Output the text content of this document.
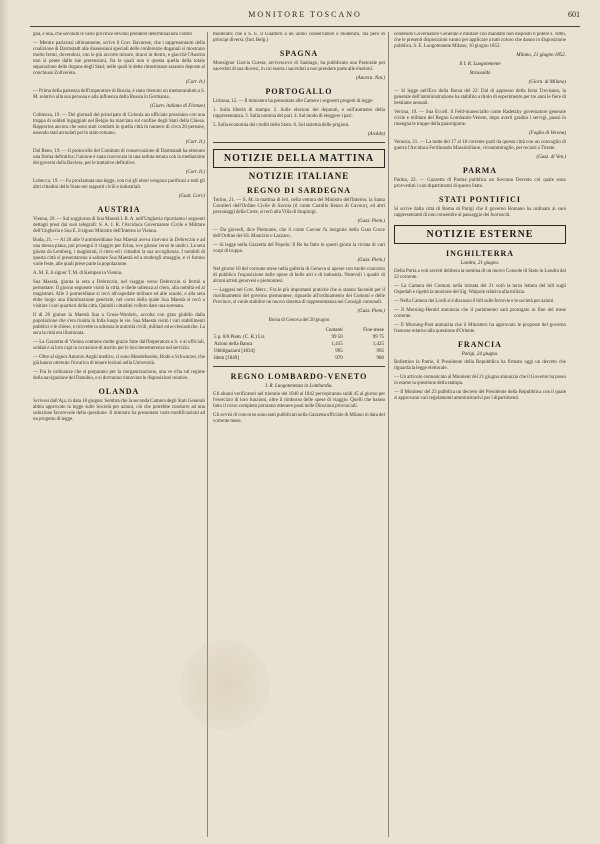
MONITORE TOSCANO	601

gna, è una, che secondo le varie province devono prendere determinazioni contro

— Mentre parlavasi ultimamente, scrive il Corr. Bavarese, che i rappresentanti della coalizione di Darmstadt alle dissensioni speciali delle conferenze doganali si mostrano molto fermi, dovendosi, con le più accorte misure, tirarsi in dietro, e giacchè l'Austria non si pente dalle sue pretensioni, fra le quali non è questa quella della totale separazione delle dogane degli Stati; nelle quali le dette rimostranze saranno deposte al conchiuso Zollverein.

(Corr. It.)

— Prima della partenza dell'imperatore di Russia, è stato ritenuto un memorandum a S. M. relativo alla sua persona e alla influenza della Russia in Germania.

(Giorn. italiano di Firenze)

Coblenza, 19. — Dei giornali del principato di Colonia un ufficiale prussiano con una truppa di soldati ingaggiati nel Belgio ha marciato sul confine degli Stati della Chiesa. Rapportos ancora che sono stati condotti in quella città in numero di circa 20 persone, essendo stati arruolati per lo stato romano.

(Corr. It.)

Dal Reno, 19. — Il protocollo del Comitato di conservazione di Darmstadt ha ottenuto una forma definitiva; l'unione è stata convocata in una seduta tenuta con la mediazione dei governi della Baviera, per le trattative definitive.

(Corr. It.)

Lubecca, 19. — Fu proclamata una legge, con cui gli ebrei vengono parificati a tutti gli altri cittadini dello Stato nei rapporti civili e industriali.

(Guar. Corr.)

AUSTRIA

Vienna, 20. — Sul soggiorno di Sua Maestà I. R. A. nell'Ungheria riportiamo i seguenti dettagli presi dai suoi telegrafi: S. A. I. R. l'Arciduca Governatore Civile e Militare dell'Ungheria e Sua E. il signor Ministro dell'Interno in Vienna.

Buda, 21. — Al 20 alle 9 antimeridiane Sua Maestà aveva ricevuto in Debreczin e ad una messa piana, poi proseguì il viaggio per Erlau, ove giunse verso le undici. La sera giunta da Lemberg, i magistrati, il clero ed i cittadini la sua accoglienza. I notabili di questa città si presentarono a salutare Sua Maestà ed a rendergli omaggio, e vi furono varie feste, alle quali prese parte la popolazione.

A. M. E. il signor T. M. di Kempen in Vienna.

Sua Maestà, giunta la sera a Debreczin, nel viaggio verso Debreczin si fermò a pernottare. Il giorno seguente visitò la città, e diede udienza al clero, alla nobiltà ed ai magistrati. Alle 3 pomeridiane si recò all'ospedale militare ed alle scuole, e alla sera ebbe luogo una illuminazione generale, nel corso della quale Sua Maestà si recò a visitare i vari quartieri della città. Quindi i cittadini vollero dare una serenata.

Il di 20 giunse la Maestà Sua a Gross-Wardein, accolta con gran giubilo dalla popolazione che s'era riunita in folla lungo le vie. Sua Maestà visitò i vari stabilimenti pubblici e le chiese, e ricevette in udienza le autorità civili, militari ed ecclesiastiche. La sera la città era illuminata.

— La Gazzetta di Vienna contiene molte grazie fatte dall'Imperatore a S. e ai ufficiali, soldati e ai loro capi in occasione di merito per le loro benemerenze nel servizio.

— Oltre al signor Antonio Anghi medico, ci sono Mendelssohn, Bodò e Schwarzer, che già hanno ottenuto l'incarico di tenere lezioni nella Università.

— Fra le ordinanze che si preparano per la riorganizzazione, una ve n'ha sul regime della navigazione del Danubio, e si dovranno rinnovare le disposizioni relative.

OLANDA

Scrivesi dall'Aja, in data 18 giugno: Sembra che la seconda Camera degli Stati Generali abbia approvato la legge sulle Società per azioni, ciò che potrebbe condurre ad una soluzione favorevole della questione. Il ministro ha presentato varie modificazioni ad un progetto di legge.

moderato; che a S. E. il Gualtieri a un uomo conservatore e moderato, ma però di principi diversi. (Ind. Belg.)

SPAGNA

Monsignor Garcia Cuesta, arcivescovo di Santiago, ha pubblicato una Pastorale pei sacerdoti di sua diocesi, in cui esorta i sacerdoti a non prendere parte alle elezioni.

(Ancora. Nat.)

PORTOGALLO

Lisbona, 12. — Il ministero ha presentato alle Camere i seguenti progetti di legge:

1. Sulla libertà di stampa. 2. Sulle elezioni dei deputati, e sull'aumento della rappresentanza. 3. Sulla nomina dei pari. 4. Sul modo di eleggere i pari.

5. Sulla economia dei crediti dello Stato. 6. Sul sistema delle prigioni.

(Araldo)

NOTIZIE DELLA MATTINA
NOTIZIE ITALIANE
REGNO DI SARDEGNA

Torino, 21. — S. M. la mattina di ieri, nella vettura del Ministro dell'Interno, la Santa Cavalieri dell'Ordine Civile di Savoia (il conte Camillo Benso di Cavour), ed altri personaggi della Corte, si recò alla Villa di Stupinigi.

(Gazz. Piem.)

— Da giovedì, dice Piemonte, che il conte Cavour fu insignito della Gran Croce dell'Ordine dei SS. Maurizio e Lazzaro.

— Si legge nella Gazzetta del Popolo: Il Re ha fatto in questi giorni la rivista di vari corpi di truppa.

(Gazz. Piem.)

Nel giorno 10 del corrente mese nella galleria di Genova si aperse con molto concorso di pubblico l'esposizione delle opere di belle arti e di industria. Notevoli i quadri di alcuni artisti genovesi e piemontesi.

— Leggesi nel Corr. Merc.: Fra le più importanti pratiche che si stanno facendo per il riordinamento del governo piemontese, riguardo all'ordinamento dei Comuni e delle Province, si vuole stabilire un nuovo sistema di rappresentanza nei Consigli comunali.

(Gazz. Piem.)

Borsa di Genova del 20 giugno

	Contanti	Fine-mese
5 p. 0/0 Piem. (C. R.) Lir.	99 50	99 75
Azioni della Banca	1,415	1,425
Obbligazioni [1834]	995	995
Idem [1849]	970	980
REGNO LOMBARDO-VENETO
I. R. Luogotenenza in Lombardia.

Gli alunni verificatori nel triennio del 1840 al 1842 percepiranno soldi 45 al giorno per l'esercizio di loro funzioni, oltre il rimborso delle spese di viaggio. Quelli che hanno fatto il corso completo potranno ottenere posti nelle Direzioni provinciali.

Gli avvisi di concorso sono stati pubblicati nella Gazzetta ufficiale di Milano in data del corrente mese.

cendendo Governatore Generale e militare con mandato non disposto il potere s. 1866, che le presenti disposizioni vanno per applicare a tutti coloro che danno in disposizione pubblica. S. E. Luogotenente Milano, 10 giugno 1852.

Milano, 21 giugno 1852.

Il I. R. Luogotenente

Strassoldo

(Giorn. di Milano)

— Si legge nell'Eco della Borsa del 22: Dal di appresso della festa Trevisano, la generale dell'amministrazione ha stabilito a titolo di esperimento per tre anni le fiere di bestiame annuali.

Verona, 19. — Sua Eccell. il Feld-maresciallo conte Radetzky governatore generale civile e militare del Regno Lombardo-Veneto, dopo averli gradito i servigi, passò in rassegna le truppe della guarnigione.

(Foglio di Verona)

Venezia, 21. — La notte del 17 al 18 corrente partì da questa città con un convoglio di guerra l'Arciduca Ferdinando Massimiliano, viceammiraglio, per recarsi a Trieste.

(Gazz. di Ven.)

PARMA

Parma, 22. — Gazzetta di Parma pubblica un Sovrano Decreto col quale sono provveduti i vari dipartimenti di questo Stato.

STATI PONTIFICI

Si scrive dalla città di Roma di Parigi che il governo Romano ha ordinato ai suoi rappresentanti di non consentire al passaggio dei fuorusciti.

NOTIZIE ESTERNE
INGHILTERRA
Londra, 21 giugno.

Della Porta a voti secreti delibera la nomina di un nuovo Console di Stato in Londra dal 22 corrente.

— La Camera dei Comuni nella tornata del 21 votò la terza lettura del bill sugli Ospedali e rigettò la mozione del Sig. Walpole relativa alla milizia.

— Nella Camera dei Lordi si è discusso il bill sulle ferrovie e le società per azioni.

— Il Morning-Herald annunzia che il parlamento sarà prorogato in fine del mese corrente.

— Il Morning-Post annunzia che il Ministero ha approvato le proposte del governo francese relative alla questione d'Oriente.

FRANCIA
Parigi, 24 giugno.

Bollettino la Patrie, il Presidente della Repubblica ha firmato oggi un decreto che riguarda la legge elettorale.

— Un articolo comunicato al Moniteur del 21 giugno annunzia che il Governo ha preso in esame la questione della stampa.

— Il Moniteur del 23 pubblica un decreto del Presidente della Repubblica con il quale si approvano vari regolamenti amministrativi per i dipartimenti.
